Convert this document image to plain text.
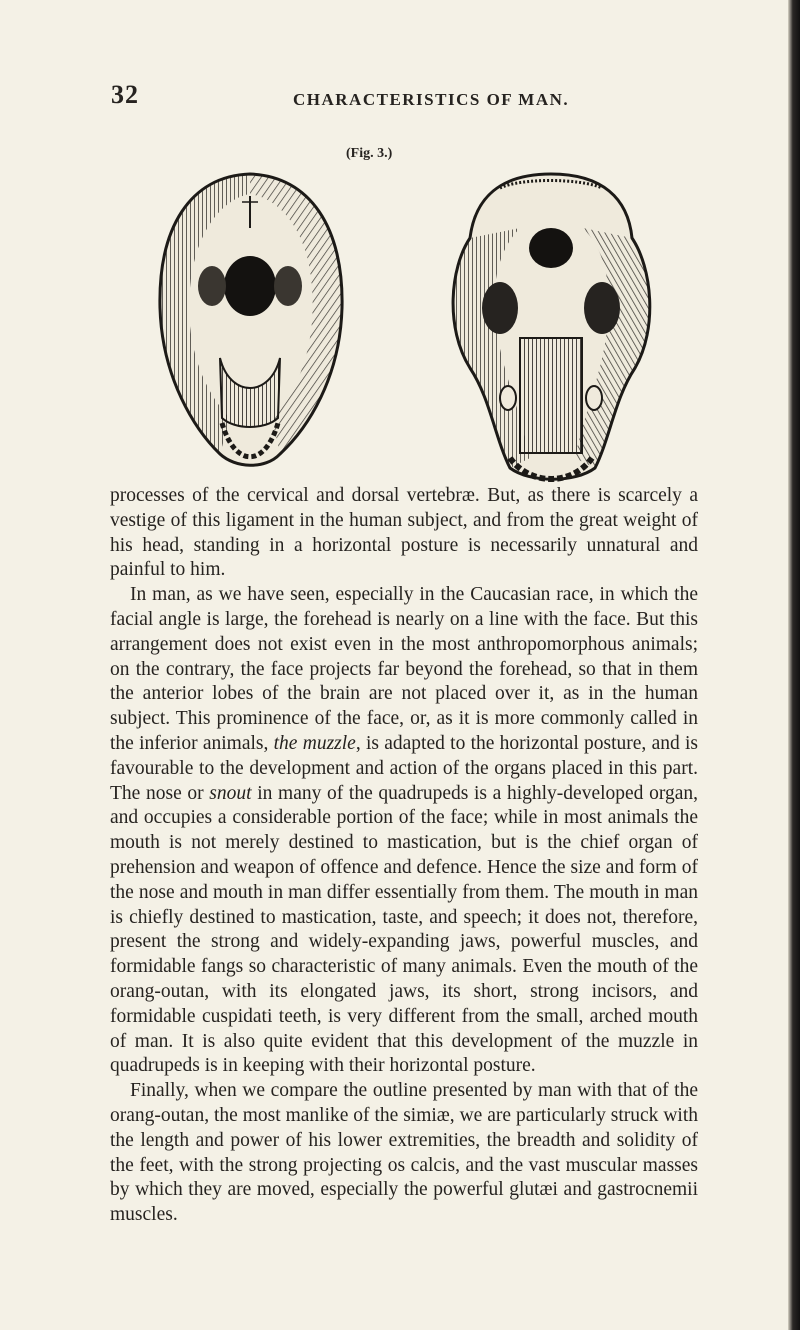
32	CHARACTERISTICS OF MAN.
(Fig. 3.)

processes of the cervical and dorsal vertebræ. But, as there is scarcely a vestige of this ligament in the human subject, and from the great weight of his head, standing in a horizontal posture is necessarily unnatural and painful to him.

In man, as we have seen, especially in the Caucasian race, in which the facial angle is large, the forehead is nearly on a line with the face. But this arrangement does not exist even in the most anthropomorphous animals; on the contrary, the face projects far beyond the forehead, so that in them the anterior lobes of the brain are not placed over it, as in the human subject. This prominence of the face, or, as it is more commonly called in the inferior animals, the muzzle, is adapted to the horizontal posture, and is favourable to the development and action of the organs placed in this part. The nose or snout in many of the quadrupeds is a highly-developed organ, and occupies a considerable portion of the face; while in most animals the mouth is not merely destined to mastication, but is the chief organ of prehension and weapon of offence and defence. Hence the size and form of the nose and mouth in man differ essentially from them. The mouth in man is chiefly destined to mastication, taste, and speech; it does not, therefore, present the strong and widely-expanding jaws, powerful muscles, and formidable fangs so characteristic of many animals. Even the mouth of the orang-outan, with its elongated jaws, its short, strong incisors, and formidable cuspidati teeth, is very different from the small, arched mouth of man. It is also quite evident that this development of the muzzle in quadrupeds is in keeping with their horizontal posture.

Finally, when we compare the outline presented by man with that of the orang-outan, the most manlike of the simiæ, we are particularly struck with the length and power of his lower extremities, the breadth and solidity of the feet, with the strong projecting os calcis, and the vast muscular masses by which they are moved, especially the powerful glutæi and gastrocnemii muscles.
